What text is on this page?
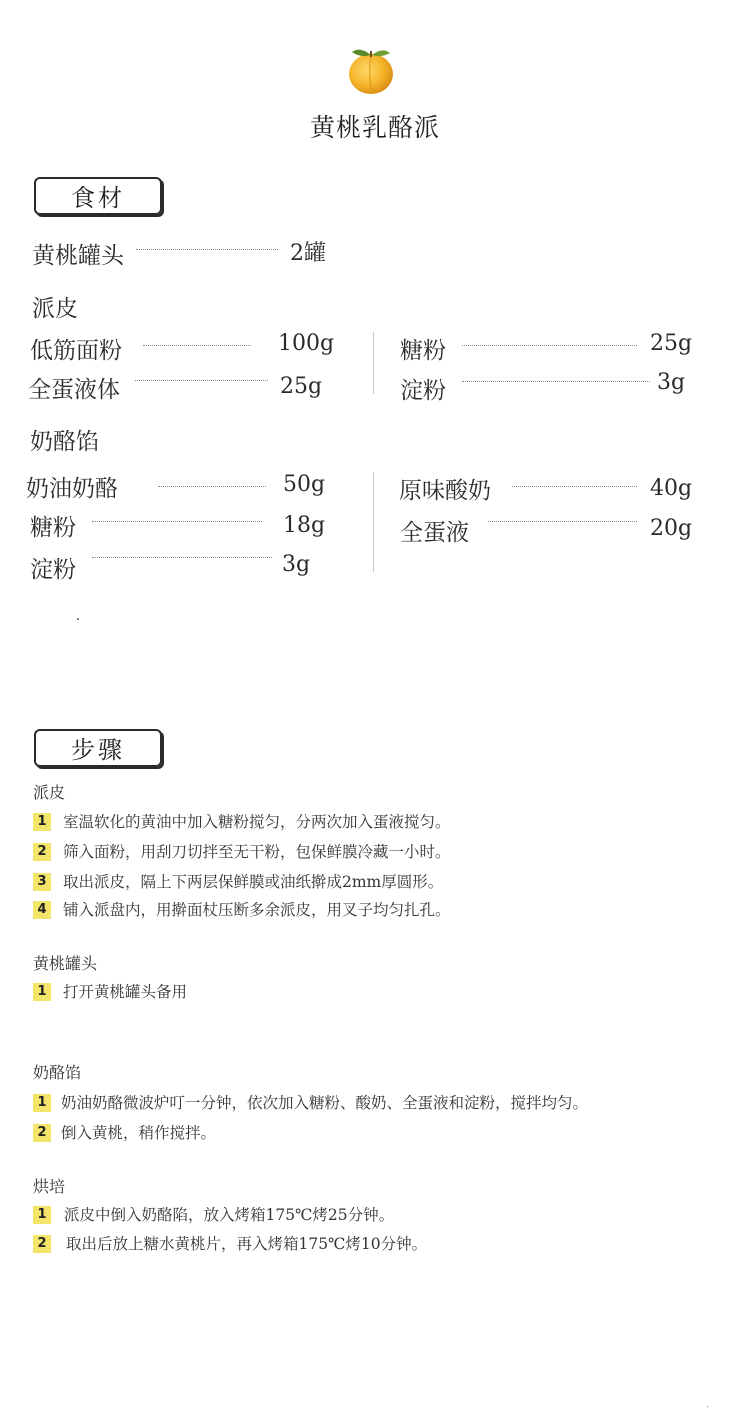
黄桃乳酪派
食材
黄桃罐头	2罐
派皮
低筋面粉	100g
全蛋液体	25g
糖粉	25g
淀粉	3g
奶酪馅
奶油奶酪	50g
糖粉	18g
淀粉	3g
原味酸奶	40g
全蛋液	20g
步骤
派皮
1 室温软化的黄油中加入糖粉搅匀，分两次加入蛋液搅匀。
2 筛入面粉，用刮刀切拌至无干粉，包保鲜膜冷藏一小时。
3 取出派皮，隔上下两层保鲜膜或油纸擀成2mm厚圆形。
4 铺入派盘内，用擀面杖压断多余派皮，用叉子均匀扎孔。
黄桃罐头
1 打开黄桃罐头备用
奶酪馅
1 奶油奶酪微波炉叮一分钟，依次加入糖粉、酸奶、全蛋液和淀粉，搅拌均匀。
2 倒入黄桃，稍作搅拌。
烘培
1 派皮中倒入奶酪陷，放入烤箱175℃烤25分钟。
2 取出后放上糖水黄桃片，再入烤箱175℃烤10分钟。
